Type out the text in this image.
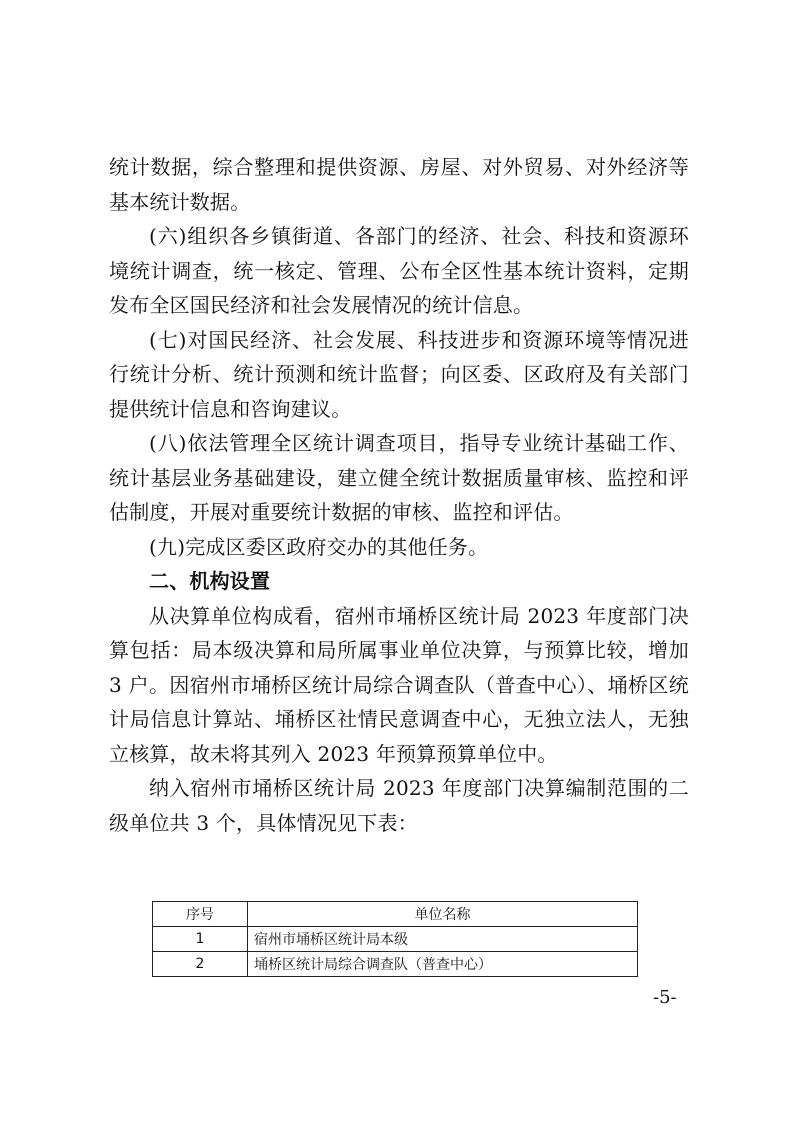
统计数据，综合整理和提供资源、房屋、对外贸易、对外经济等基本统计数据。

(六)组织各乡镇街道、各部门的经济、社会、科技和资源环境统计调查，统一核定、管理、公布全区性基本统计资料，定期发布全区国民经济和社会发展情况的统计信息。

(七)对国民经济、社会发展、科技进步和资源环境等情况进行统计分析、统计预测和统计监督；向区委、区政府及有关部门提供统计信息和咨询建议。

(八)依法管理全区统计调查项目，指导专业统计基础工作、统计基层业务基础建设，建立健全统计数据质量审核、监控和评估制度，开展对重要统计数据的审核、监控和评估。

(九)完成区委区政府交办的其他任务。

二、机构设置

从决算单位构成看，宿州市埇桥区统计局 2023 年度部门决算包括：局本级决算和局所属事业单位决算，与预算比较，增加 3 户。因宿州市埇桥区统计局综合调查队（普查中心）、埇桥区统计局信息计算站、埇桥区社情民意调查中心，无独立法人，无独立核算，故未将其列入 2023 年预算预算单位中。

纳入宿州市埇桥区统计局 2023 年度部门决算编制范围的二级单位共 3 个，具体情况见下表：

序号	单位名称
1	宿州市埇桥区统计局本级
2	埇桥区统计局综合调查队（普查中心）
-5-
